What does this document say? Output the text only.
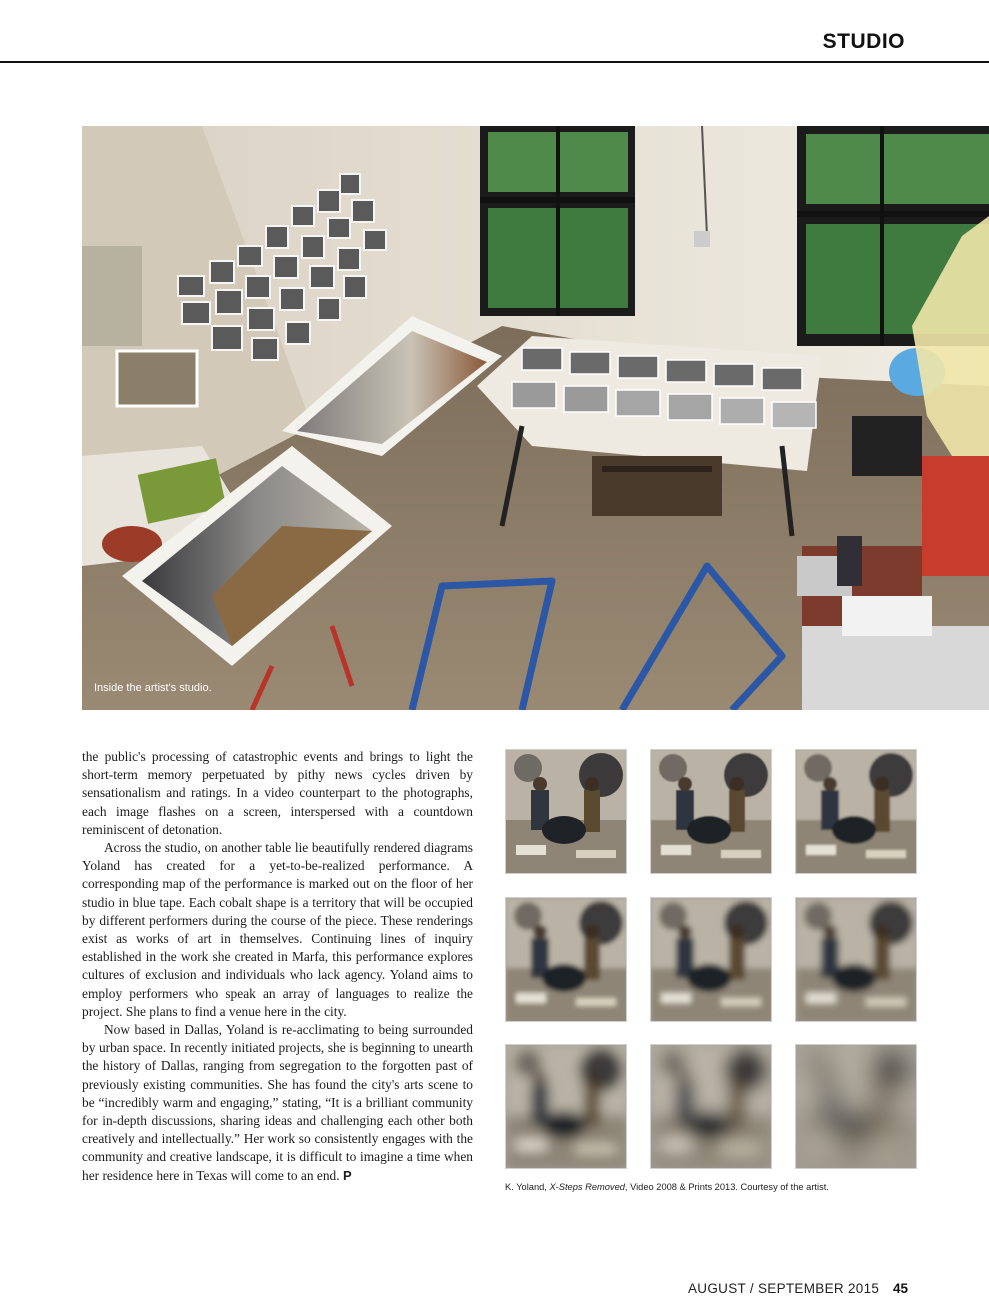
STUDIO
Inside the artist's studio.

the public's processing of catastrophic events and brings to light the short-term memory perpetuated by pithy news cycles driven by sensationalism and ratings. In a video counterpart to the photographs, each image flashes on a screen, interspersed with a countdown reminiscent of detonation.

Across the studio, on another table lie beautifully rendered diagrams Yoland has created for a yet-to-be-realized performance. A corresponding map of the performance is marked out on the floor of her studio in blue tape. Each cobalt shape is a territory that will be occupied by different performers during the course of the piece. These renderings exist as works of art in themselves. Continuing lines of inquiry established in the work she created in Marfa, this performance explores cultures of exclusion and individuals who lack agency. Yoland aims to employ performers who speak an array of languages to realize the project. She plans to find a venue here in the city.

Now based in Dallas, Yoland is re-acclimating to being surrounded by urban space. In recently initiated projects, she is beginning to unearth the history of Dallas, ranging from segregation to the forgotten past of previously existing communities. She has found the city's arts scene to be “incredibly warm and engaging,” stating, “It is a brilliant community for in-depth discussions, sharing ideas and challenging each other both creatively and intellectually.” Her work so consistently engages with the community and creative landscape, it is difficult to imagine a time when her residence here in Texas will come to an end. P

K. Yoland, X-Steps Removed, Video 2008 & Prints 2013. Courtesy of the artist.
AUGUST / SEPTEMBER 2015 45
